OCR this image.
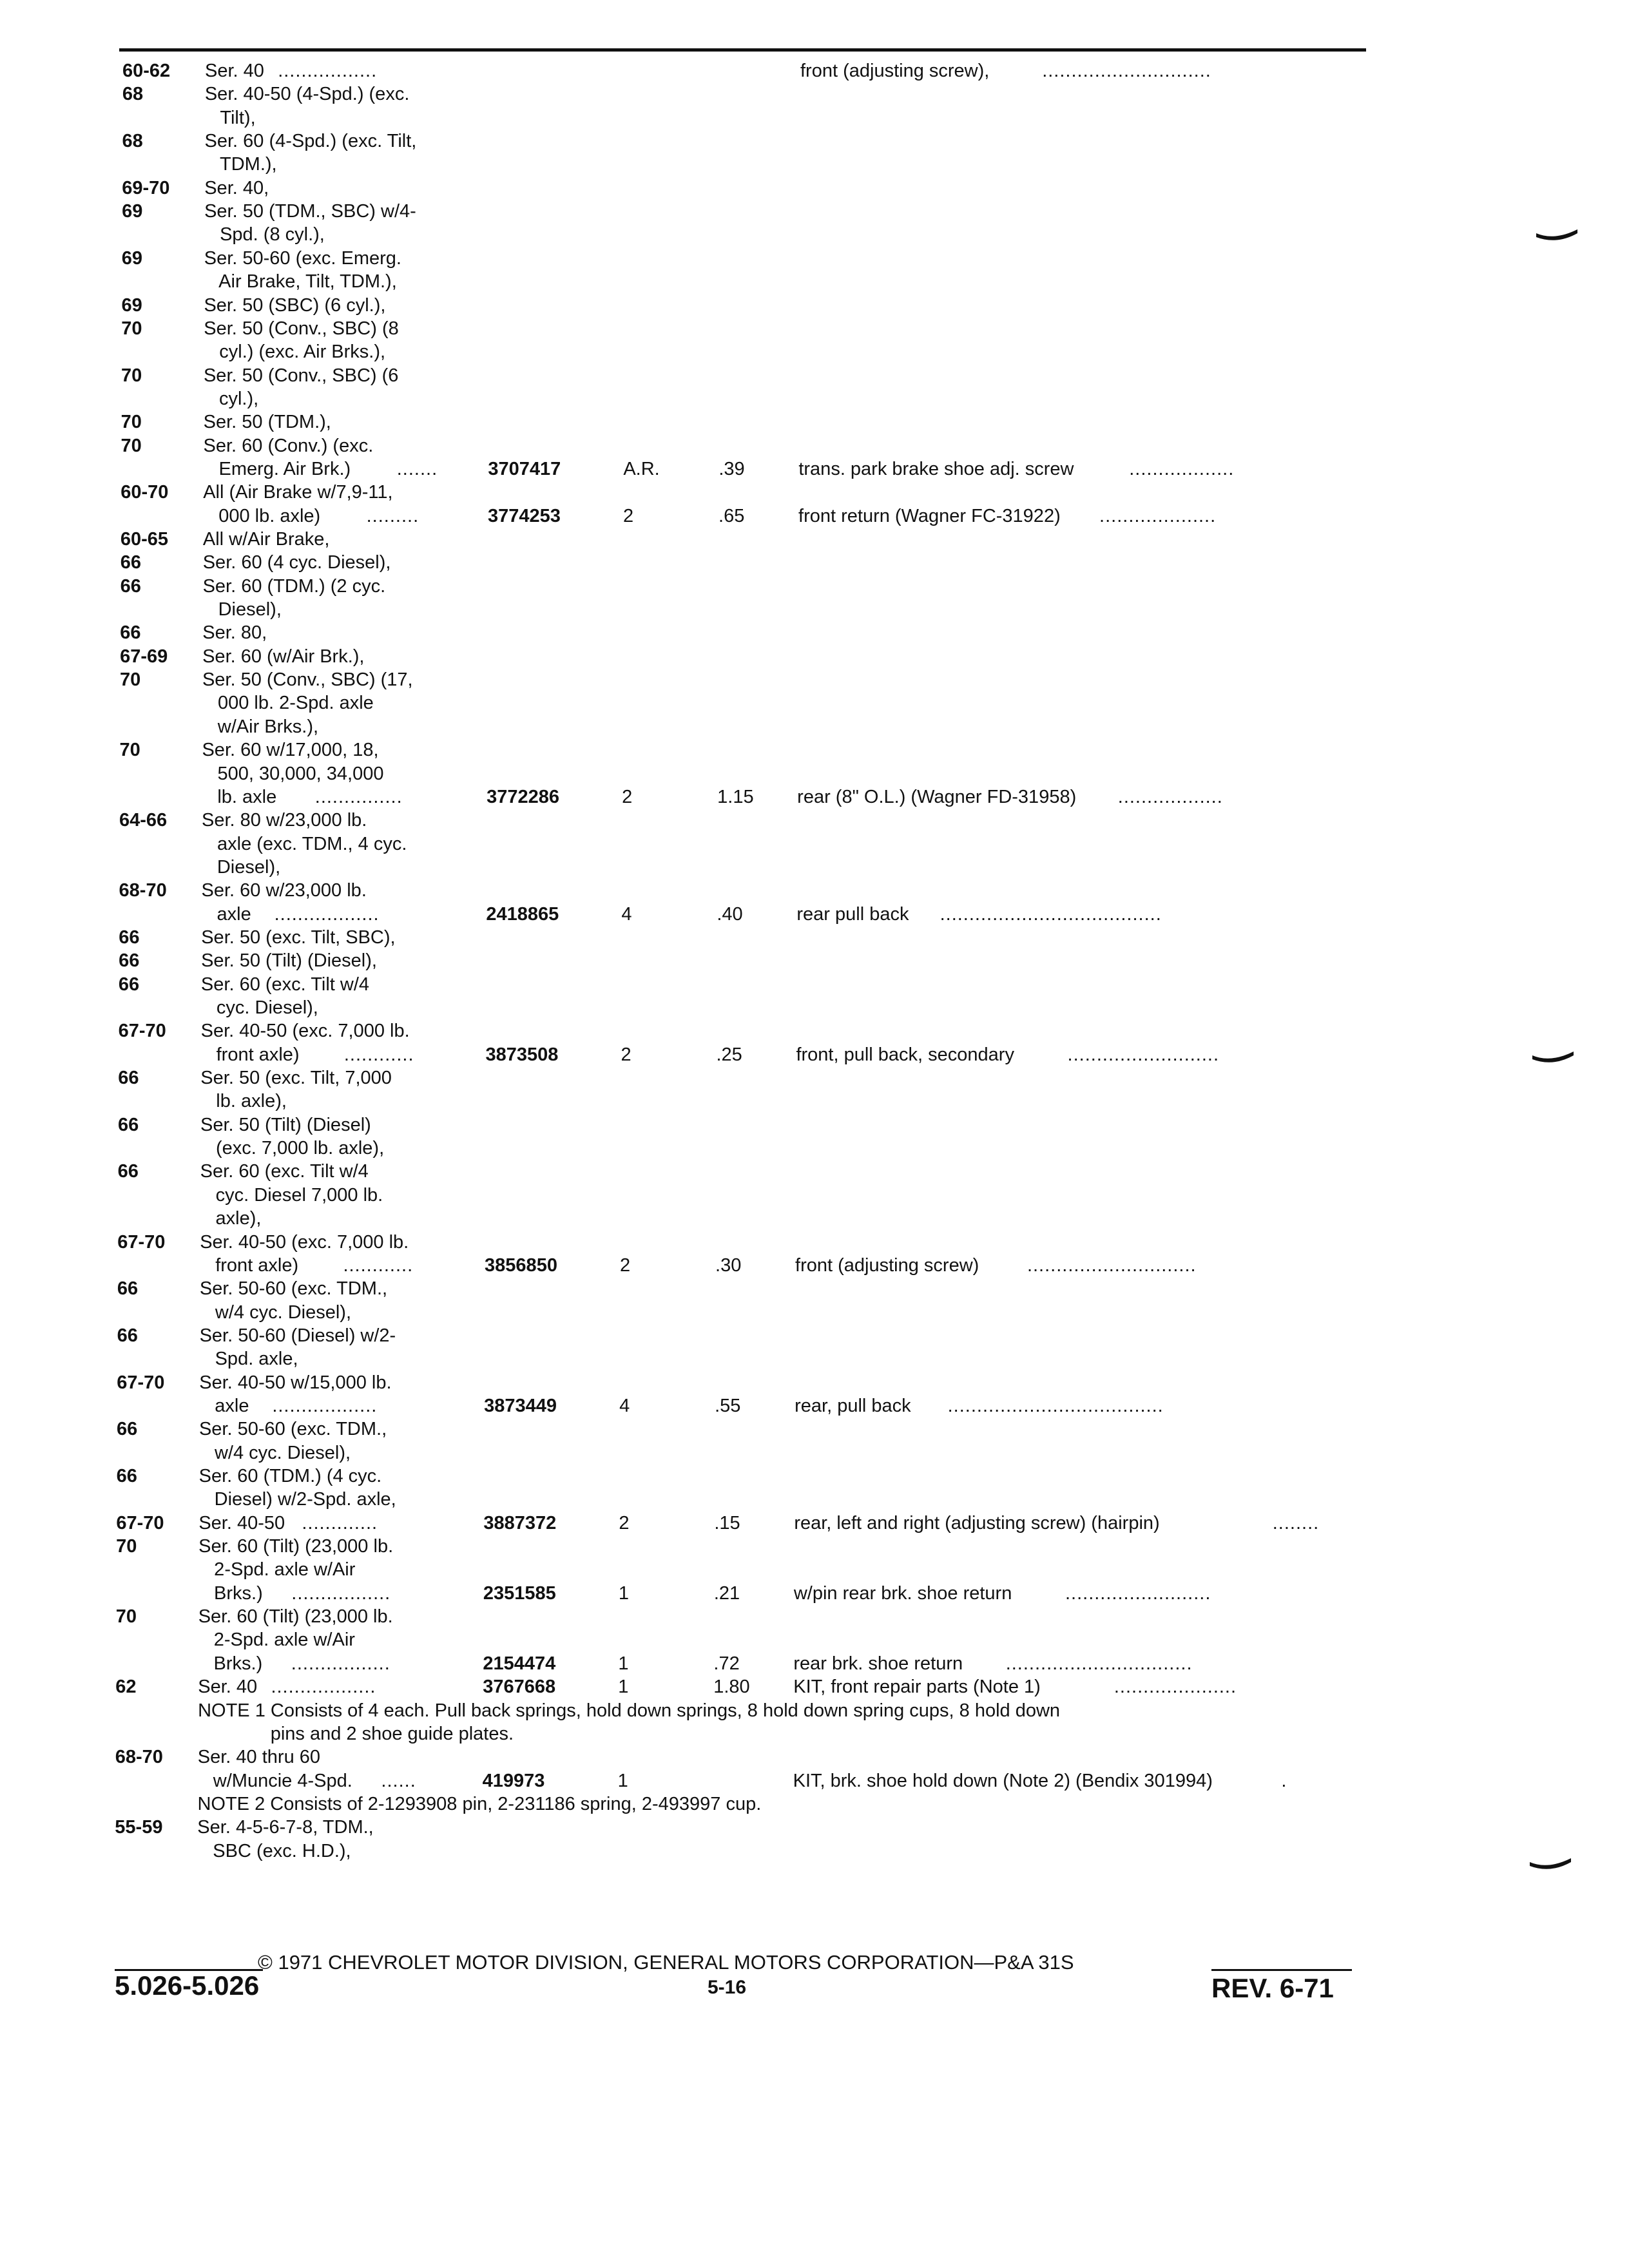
60-62 Ser. 40 .................	front (adjusting screw),	.............................
68	Ser. 40-50 (4-Spd.) (exc.
Tilt),
68	Ser. 60 (4-Spd.) (exc. Tilt,
TDM.),
69-70 Ser. 40,
69	Ser. 50 (TDM., SBC) w/4-
Spd. (8 cyl.),
69	Ser. 50-60 (exc. Emerg.
Air Brake, Tilt, TDM.),
69	Ser. 50 (SBC) (6 cyl.),
70	Ser. 50 (Conv., SBC) (8
cyl.) (exc. Air Brks.),
70	Ser. 50 (Conv., SBC) (6
cyl.),
70	Ser. 50 (TDM.),
70	Ser. 60 (Conv.) (exc.
Emerg. Air Brk.) .......	3707417	A.R.	.39	trans. park brake shoe adj. screw	..................
60-70 All (Air Brake w/7,9-11,
000 lb. axle) .........	3774253	2	.65	front return (Wagner FC-31922) ....................
60-65 All w/Air Brake,
66	Ser. 60 (4 cyc. Diesel),
66	Ser. 60 (TDM.) (2 cyc.
Diesel),
66	Ser. 80,
67-69 Ser. 60 (w/Air Brk.),
70	Ser. 50 (Conv., SBC) (17,
000 lb. 2-Spd. axle
w/Air Brks.),
70	Ser. 60 w/17,000, 18,
500, 30,000, 34,000
lb. axle ...............	3772286	2	1.15 rear (8" O.L.) (Wagner FD-31958) ..................
64-66 Ser. 80 w/23,000 lb.
axle (exc. TDM., 4 cyc.
Diesel),
68-70 Ser. 60 w/23,000 lb.
axle ..................	2418865	4	.40	rear pull back ......................................
66	Ser. 50 (exc. Tilt, SBC),
66	Ser. 50 (Tilt) (Diesel),
66	Ser. 60 (exc. Tilt w/4
cyc. Diesel),
67-70 Ser. 40-50 (exc. 7,000 lb.
front axle) ............	3873508	2	.25	front, pull back, secondary	..........................
66	Ser. 50 (exc. Tilt, 7,000
lb. axle),
66	Ser. 50 (Tilt) (Diesel)
(exc. 7,000 lb. axle),
66	Ser. 60 (exc. Tilt w/4
cyc. Diesel 7,000 lb.
axle),
67-70 Ser. 40-50 (exc. 7,000 lb.
front axle) ............	3856850	2	.30	front (adjusting screw)	.............................
66	Ser. 50-60 (exc. TDM.,
w/4 cyc. Diesel),
66	Ser. 50-60 (Diesel) w/2-
Spd. axle,
67-70 Ser. 40-50 w/15,000 lb.
axle ..................	3873449	4	.55	rear, pull back .....................................
66	Ser. 50-60 (exc. TDM.,
w/4 cyc. Diesel),
66	Ser. 60 (TDM.) (4 cyc.
Diesel) w/2-Spd. axle,
67-70 Ser. 40-50 .............	3887372	2	.15	rear, left and right (adjusting screw) (hairpin)	........
70	Ser. 60 (Tilt) (23,000 lb.
2-Spd. axle w/Air
Brks.) .................	2351585	1	.21	w/pin rear brk. shoe return	.........................
70	Ser. 60 (Tilt) (23,000 lb.
2-Spd. axle w/Air
Brks.) .................	2154474	1	.72	rear brk. shoe return ................................
62	Ser. 40 ..................	3767668	1	1.80 KIT, front repair parts (Note 1)	.....................
NOTE 1 Consists of 4 each. Pull back springs, hold down springs, 8 hold down spring cups, 8 hold down
pins and 2 shoe guide plates.
68-70 Ser. 40 thru 60
w/Muncie 4-Spd. ......	419973	1	KIT, brk. shoe hold down (Note 2) (Bendix 301994)	.
NOTE 2 Consists of 2-1293908 pin, 2-231186 spring, 2-493997 cup.
55-59 Ser. 4-5-6-7-8, TDM.,
SBC (exc. H.D.),
© 1971 CHEVROLET MOTOR DIVISION, GENERAL MOTORS CORPORATION—P&A 31S
5.026-5.026	5-16	REV. 6-71
